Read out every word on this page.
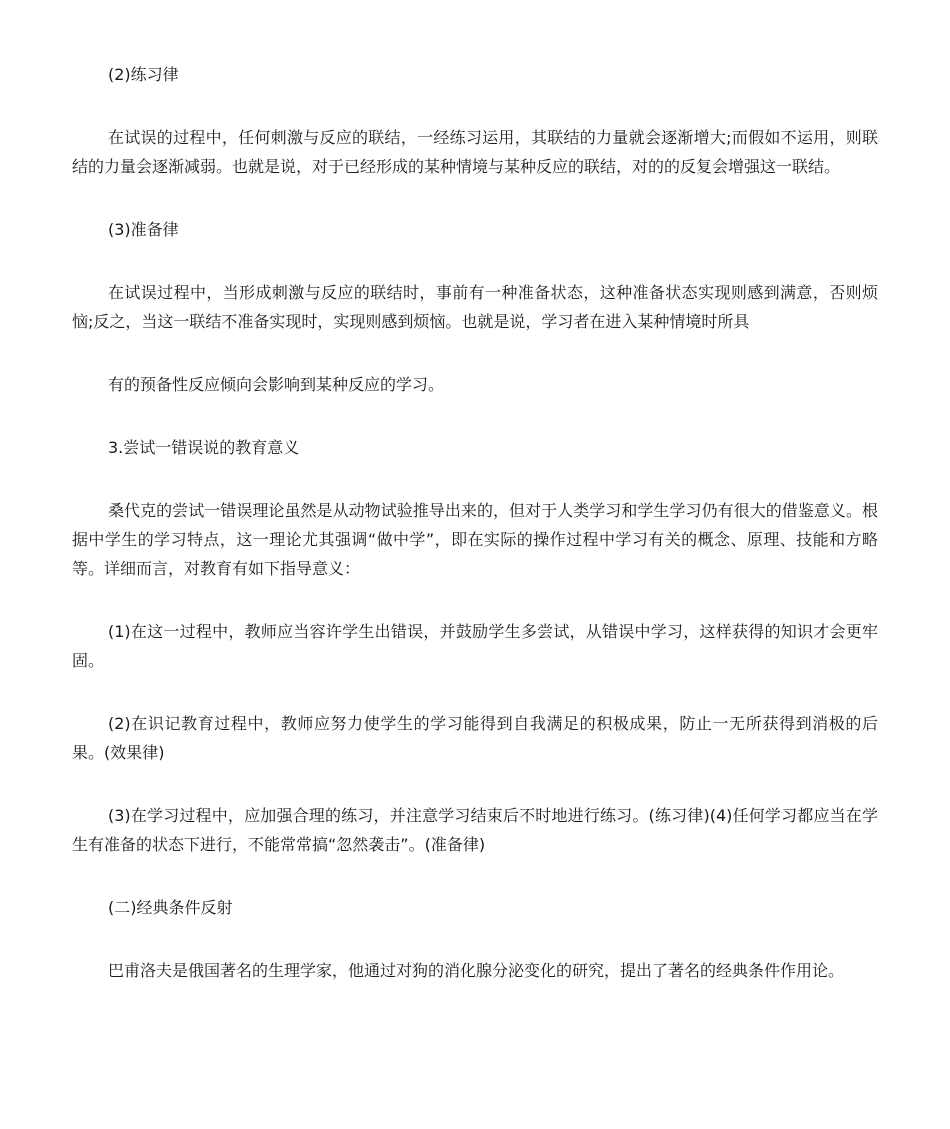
(2)练习律

在试误的过程中，任何刺激与反应的联结，一经练习运用，其联结的力量就会逐渐增大;而假如不运用，则联结的力量会逐渐减弱。也就是说，对于已经形成的某种情境与某种反应的联结，对的的反复会增强这一联结。

(3)准备律

在试误过程中，当形成刺激与反应的联结时，事前有一种准备状态，这种准备状态实现则感到满意，否则烦恼;反之，当这一联结不准备实现时，实现则感到烦恼。也就是说，学习者在进入某种情境时所具

有的预备性反应倾向会影响到某种反应的学习。

3.尝试一错误说的教育意义

桑代克的尝试一错误理论虽然是从动物试验推导出来的，但对于人类学习和学生学习仍有很大的借鉴意义。根据中学生的学习特点，这一理论尤其强调“做中学”，即在实际的操作过程中学习有关的概念、原理、技能和方略等。详细而言，对教育有如下指导意义：

(1)在这一过程中，教师应当容许学生出错误，并鼓励学生多尝试，从错误中学习，这样获得的知识才会更牢固。

(2)在识记教育过程中，教师应努力使学生的学习能得到自我满足的积极成果，防止一无所获得到消极的后果。(效果律)

(3)在学习过程中，应加强合理的练习，并注意学习结束后不时地进行练习。(练习律)(4)任何学习都应当在学生有准备的状态下进行，不能常常搞“忽然袭击”。(准备律)

(二)经典条件反射

巴甫洛夫是俄国著名的生理学家，他通过对狗的消化腺分泌变化的研究，提出了著名的经典条件作用论。
